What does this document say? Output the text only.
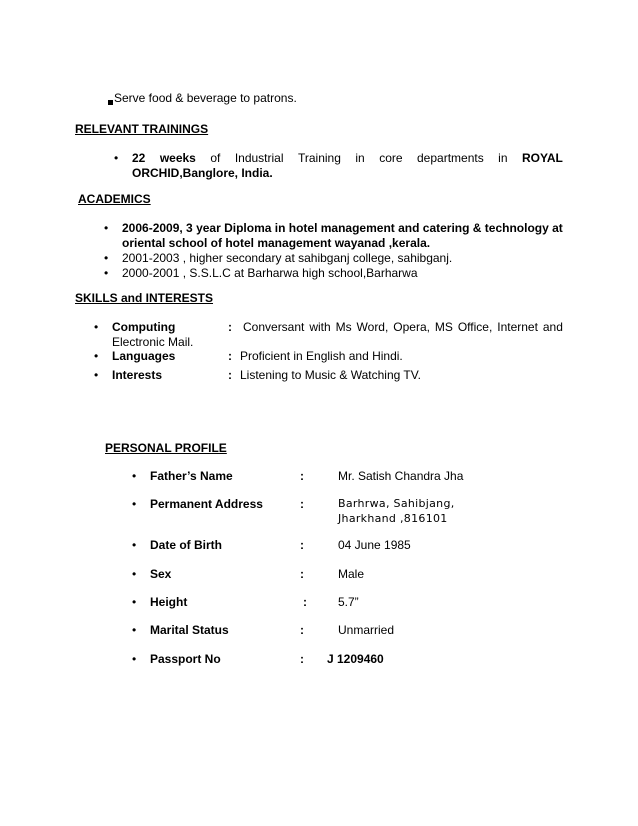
Serve food & beverage to patrons.
RELEVANT TRAININGS
• 22 weeks of Industrial Training in core departments in ROYAL
ORCHID,Banglore, India.
ACADEMICS
• 2006-2009, 3 year Diploma in hotel management and catering & technology at
oriental school of hotel management wayanad ,kerala.
• 2001-2003 , higher secondary at sahibganj college, sahibganj.
• 2000-2001 , S.S.L.C at Barharwa high school,Barharwa
SKILLS and INTERESTS
• Computing	: Conversant with Ms Word, Opera, MS Office, Internet and
Electronic Mail.
• Languages	: Proficient in English and Hindi.
• Interests	: Listening to Music & Watching TV.
PERSONAL PROFILE
• Father’s Name	:	Mr. Satish Chandra Jha
• Permanent Address	:	Barhrwa, Sahibjang,
Jharkhand ,816101
• Date of Birth	:	04 June 1985
• Sex	:	Male
• Height	:	5.7”
• Marital Status	:	Unmarried
• Passport No	: J 1209460
